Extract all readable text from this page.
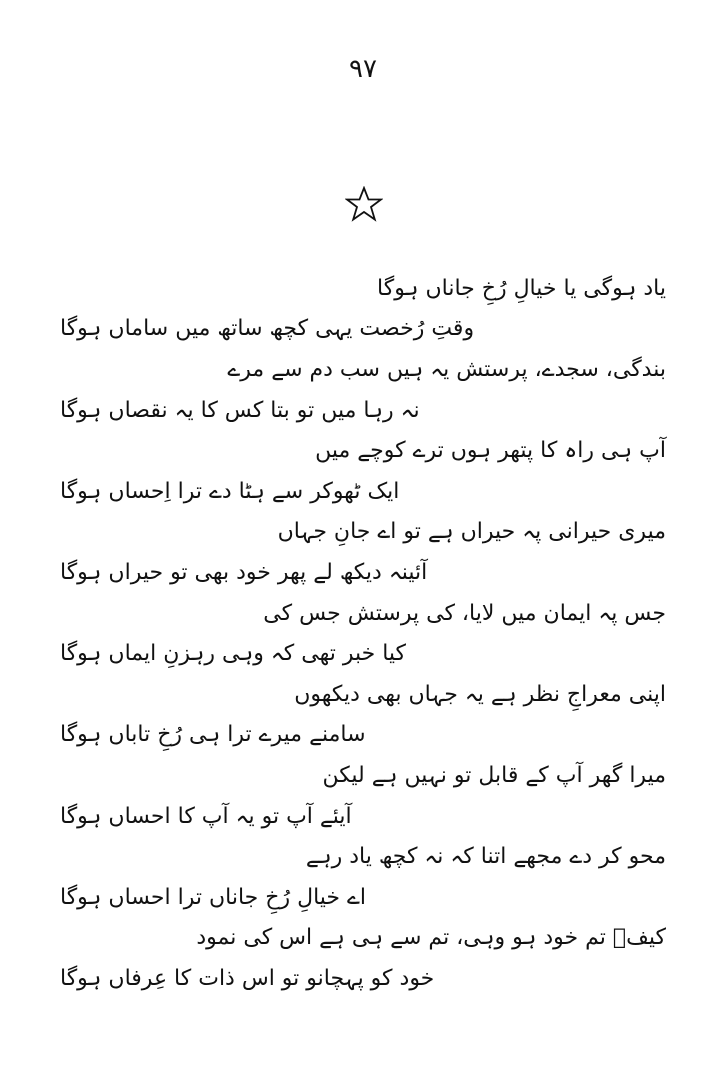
۹۷
یاد ہوگی یا خیالِ رُخِ جاناں ہوگا
وقتِ رُخصت یہی کچھ ساتھ میں ساماں ہوگا
بندگی، سجدے، پرستش یہ ہیں سب دم سے مرے
نہ رہا میں تو بتا کس کا یہ نقصاں ہوگا
آپ ہی راہ کا پتھر ہوں ترے کوچے میں
ایک ٹھوکر سے ہٹا دے ترا اِحساں ہوگا
میری حیرانی پہ حیراں ہے تو اے جانِ جہاں
آئینہ دیکھ لے پھر خود بھی تو حیراں ہوگا
جس پہ ایمان میں لایا، کی پرستش جس کی
کیا خبر تھی کہ وہی رہزنِ ایماں ہوگا
اپنی معراجِ نظر ہے یہ جہاں بھی دیکھوں
سامنے میرے ترا ہی رُخِ تاباں ہوگا
میرا گھر آپ کے قابل تو نہیں ہے لیکن
آیئے آپ تو یہ آپ کا احساں ہوگا
محو کر دے مجھے اتنا کہ نہ کچھ یاد رہے
اے خیالِ رُخِ جاناں ترا احساں ہوگا
کیفؔ تم خود ہو وہی، تم سے ہی ہے اس کی نمود
خود کو پہچانو تو اس ذات کا عِرفاں ہوگا
